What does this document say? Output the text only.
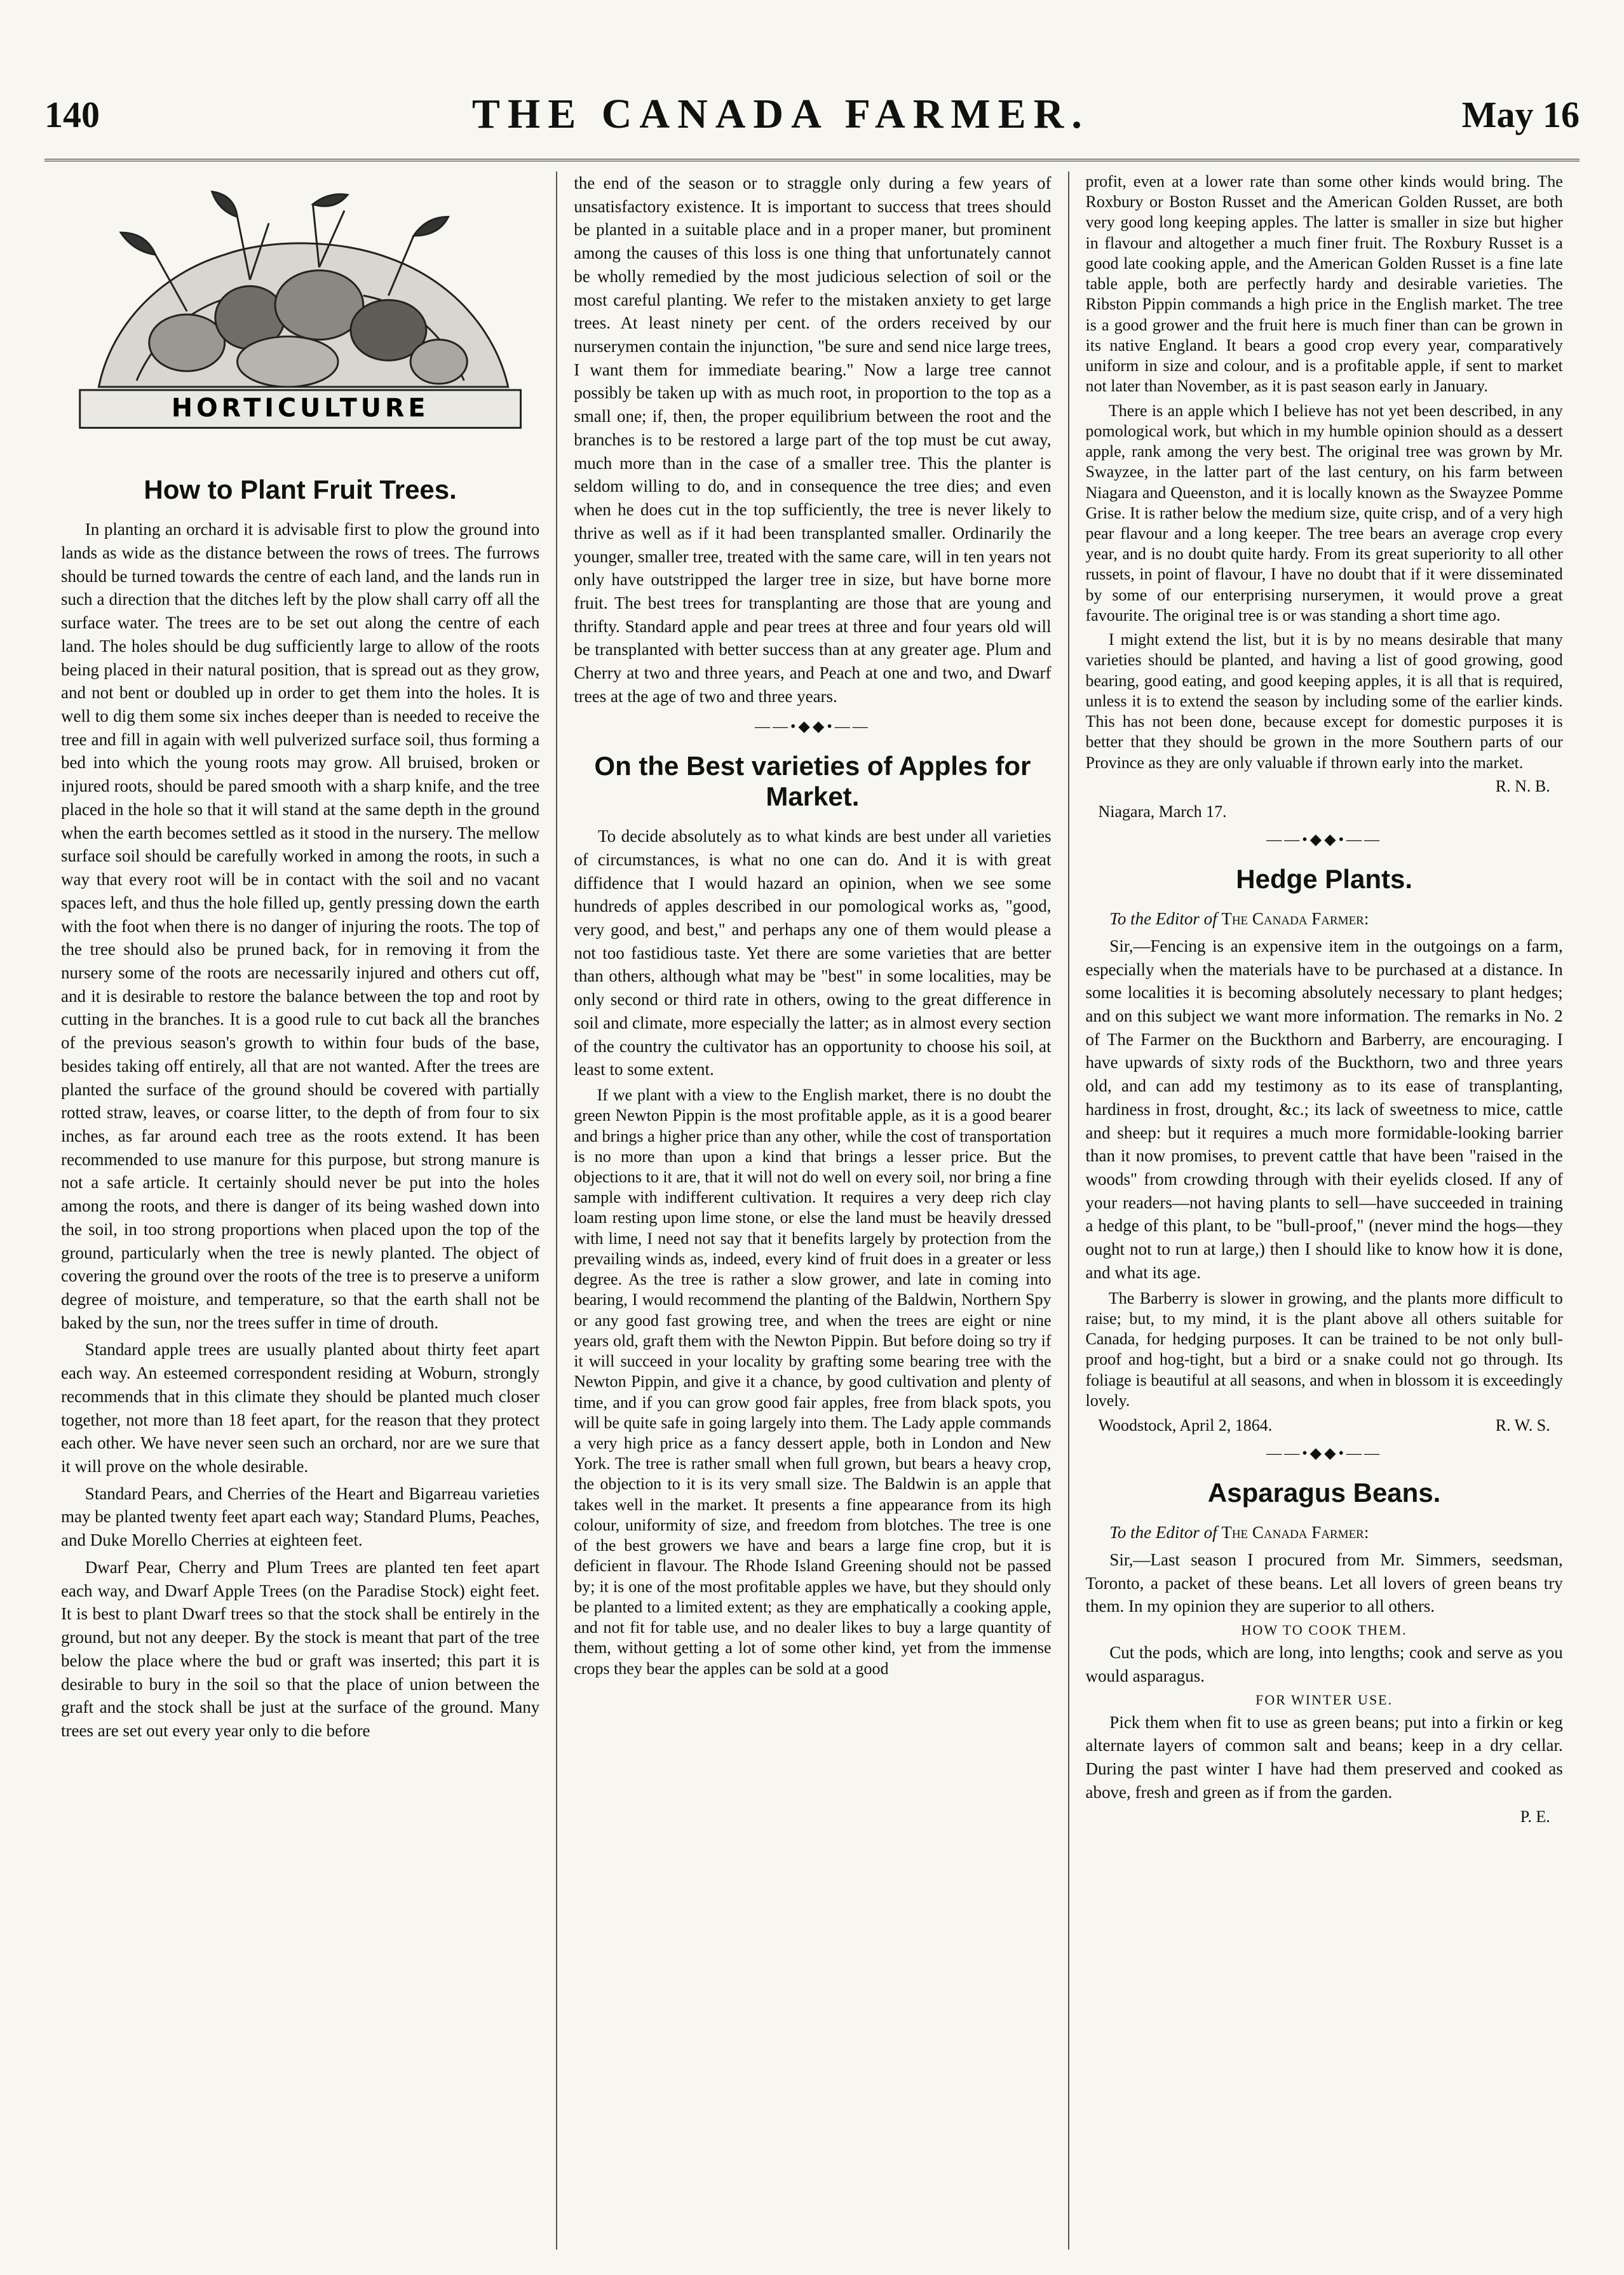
140	THE CANADA FARMER.	May 16
HORTICULTURE
How to Plant Fruit Trees.

In planting an orchard it is advisable first to plow the ground into lands as wide as the distance between the rows of trees. The furrows should be turned towards the centre of each land, and the lands run in such a direction that the ditches left by the plow shall carry off all the surface water. The trees are to be set out along the centre of each land. The holes should be dug sufficiently large to allow of the roots being placed in their natural position, that is spread out as they grow, and not bent or doubled up in order to get them into the holes. It is well to dig them some six inches deeper than is needed to receive the tree and fill in again with well pulverized surface soil, thus forming a bed into which the young roots may grow. All bruised, broken or injured roots, should be pared smooth with a sharp knife, and the tree placed in the hole so that it will stand at the same depth in the ground when the earth becomes settled as it stood in the nursery. The mellow surface soil should be carefully worked in among the roots, in such a way that every root will be in contact with the soil and no vacant spaces left, and thus the hole filled up, gently pressing down the earth with the foot when there is no danger of injuring the roots. The top of the tree should also be pruned back, for in removing it from the nursery some of the roots are necessarily injured and others cut off, and it is desirable to restore the balance between the top and root by cutting in the branches. It is a good rule to cut back all the branches of the previous season's growth to within four buds of the base, besides taking off entirely, all that are not wanted. After the trees are planted the surface of the ground should be covered with partially rotted straw, leaves, or coarse litter, to the depth of from four to six inches, as far around each tree as the roots extend. It has been recommended to use manure for this purpose, but strong manure is not a safe article. It certainly should never be put into the holes among the roots, and there is danger of its being washed down into the soil, in too strong proportions when placed upon the top of the ground, particularly when the tree is newly planted. The object of covering the ground over the roots of the tree is to preserve a uniform degree of moisture, and temperature, so that the earth shall not be baked by the sun, nor the trees suffer in time of drouth.

Standard apple trees are usually planted about thirty feet apart each way. An esteemed correspondent residing at Woburn, strongly recommends that in this climate they should be planted much closer together, not more than 18 feet apart, for the reason that they protect each other. We have never seen such an orchard, nor are we sure that it will prove on the whole desirable.

Standard Pears, and Cherries of the Heart and Bigarreau varieties may be planted twenty feet apart each way; Standard Plums, Peaches, and Duke Morello Cherries at eighteen feet.

Dwarf Pear, Cherry and Plum Trees are planted ten feet apart each way, and Dwarf Apple Trees (on the Paradise Stock) eight feet. It is best to plant Dwarf trees so that the stock shall be entirely in the ground, but not any deeper. By the stock is meant that part of the tree below the place where the bud or graft was inserted; this part it is desirable to bury in the soil so that the place of union between the graft and the stock shall be just at the surface of the ground. Many trees are set out every year only to die before

the end of the season or to straggle only during a few years of unsatisfactory existence. It is important to success that trees should be planted in a suitable place and in a proper maner, but prominent among the causes of this loss is one thing that unfortunately cannot be wholly remedied by the most judicious selection of soil or the most careful planting. We refer to the mistaken anxiety to get large trees. At least ninety per cent. of the orders received by our nurserymen contain the injunction, "be sure and send nice large trees, I want them for immediate bearing." Now a large tree cannot possibly be taken up with as much root, in proportion to the top as a small one; if, then, the proper equilibrium between the root and the branches is to be restored a large part of the top must be cut away, much more than in the case of a smaller tree. This the planter is seldom willing to do, and in consequence the tree dies; and even when he does cut in the top sufficiently, the tree is never likely to thrive as well as if it had been transplanted smaller. Ordinarily the younger, smaller tree, treated with the same care, will in ten years not only have outstripped the larger tree in size, but have borne more fruit. The best trees for transplanting are those that are young and thrifty. Standard apple and pear trees at three and four years old will be transplanted with better success than at any greater age. Plum and Cherry at two and three years, and Peach at one and two, and Dwarf trees at the age of two and three years.

——•◆◆•——
On the Best varieties of Apples for Market.

To decide absolutely as to what kinds are best under all varieties of circumstances, is what no one can do. And it is with great diffidence that I would hazard an opinion, when we see some hundreds of apples described in our pomological works as, "good, very good, and best," and perhaps any one of them would please a not too fastidious taste. Yet there are some varieties that are better than others, although what may be "best" in some localities, may be only second or third rate in others, owing to the great difference in soil and climate, more especially the latter; as in almost every section of the country the cultivator has an opportunity to choose his soil, at least to some extent.

If we plant with a view to the English market, there is no doubt the green Newton Pippin is the most profitable apple, as it is a good bearer and brings a higher price than any other, while the cost of transportation is no more than upon a kind that brings a lesser price. But the objections to it are, that it will not do well on every soil, nor bring a fine sample with indifferent cultivation. It requires a very deep rich clay loam resting upon lime stone, or else the land must be heavily dressed with lime, I need not say that it benefits largely by protection from the prevailing winds as, indeed, every kind of fruit does in a greater or less degree. As the tree is rather a slow grower, and late in coming into bearing, I would recommend the planting of the Baldwin, Northern Spy or any good fast growing tree, and when the trees are eight or nine years old, graft them with the Newton Pippin. But before doing so try if it will succeed in your locality by grafting some bearing tree with the Newton Pippin, and give it a chance, by good cultivation and plenty of time, and if you can grow good fair apples, free from black spots, you will be quite safe in going largely into them. The Lady apple commands a very high price as a fancy dessert apple, both in London and New York. The tree is rather small when full grown, but bears a heavy crop, the objection to it is its very small size. The Baldwin is an apple that takes well in the market. It presents a fine appearance from its high colour, uniformity of size, and freedom from blotches. The tree is one of the best growers we have and bears a large fine crop, but it is deficient in flavour. The Rhode Island Greening should not be passed by; it is one of the most profitable apples we have, but they should only be planted to a limited extent; as they are emphatically a cooking apple, and not fit for table use, and no dealer likes to buy a large quantity of them, without getting a lot of some other kind, yet from the immense crops they bear the apples can be sold at a good

profit, even at a lower rate than some other kinds would bring. The Roxbury or Boston Russet and the American Golden Russet, are both very good long keeping apples. The latter is smaller in size but higher in flavour and altogether a much finer fruit. The Roxbury Russet is a good late cooking apple, and the American Golden Russet is a fine late table apple, both are perfectly hardy and desirable varieties. The Ribston Pippin commands a high price in the English market. The tree is a good grower and the fruit here is much finer than can be grown in its native England. It bears a good crop every year, comparatively uniform in size and colour, and is a profitable apple, if sent to market not later than November, as it is past season early in January.

There is an apple which I believe has not yet been described, in any pomological work, but which in my humble opinion should as a dessert apple, rank among the very best. The original tree was grown by Mr. Swayzee, in the latter part of the last century, on his farm between Niagara and Queenston, and it is locally known as the Swayzee Pomme Grise. It is rather below the medium size, quite crisp, and of a very high pear flavour and a long keeper. The tree bears an average crop every year, and is no doubt quite hardy. From its great superiority to all other russets, in point of flavour, I have no doubt that if it were disseminated by some of our enterprising nurserymen, it would prove a great favourite. The original tree is or was standing a short time ago.

I might extend the list, but it is by no means desirable that many varieties should be planted, and having a list of good growing, good bearing, good eating, and good keeping apples, it is all that is required, unless it is to extend the season by including some of the earlier kinds. This has not been done, because except for domestic purposes it is better that they should be grown in the more Southern parts of our Province as they are only valuable if thrown early into the market.

R. N. B.
Niagara, March 17.
——•◆◆•——
Hedge Plants.

To the Editor of The Canada Farmer:

Sir,—Fencing is an expensive item in the outgoings on a farm, especially when the materials have to be purchased at a distance. In some localities it is becoming absolutely necessary to plant hedges; and on this subject we want more information. The remarks in No. 2 of The Farmer on the Buckthorn and Barberry, are encouraging. I have upwards of sixty rods of the Buckthorn, two and three years old, and can add my testimony as to its ease of transplanting, hardiness in frost, drought, &c.; its lack of sweetness to mice, cattle and sheep: but it requires a much more formidable-looking barrier than it now promises, to prevent cattle that have been "raised in the woods" from crowding through with their eyelids closed. If any of your readers—not having plants to sell—have succeeded in training a hedge of this plant, to be "bull-proof," (never mind the hogs—they ought not to run at large,) then I should like to know how it is done, and what its age.

The Barberry is slower in growing, and the plants more difficult to raise; but, to my mind, it is the plant above all others suitable for Canada, for hedging purposes. It can be trained to be not only bull-proof and hog-tight, but a bird or a snake could not go through. Its foliage is beautiful at all seasons, and when in blossom it is exceedingly lovely.

Woodstock, April 2, 1864.	R. W. S.
——•◆◆•——
Asparagus Beans.

To the Editor of The Canada Farmer:

Sir,—Last season I procured from Mr. Simmers, seedsman, Toronto, a packet of these beans. Let all lovers of green beans try them. In my opinion they are superior to all others.

HOW TO COOK THEM.

Cut the pods, which are long, into lengths; cook and serve as you would asparagus.

FOR WINTER USE.

Pick them when fit to use as green beans; put into a firkin or keg alternate layers of common salt and beans; keep in a dry cellar. During the past winter I have had them preserved and cooked as above, fresh and green as if from the garden.

P. E.
